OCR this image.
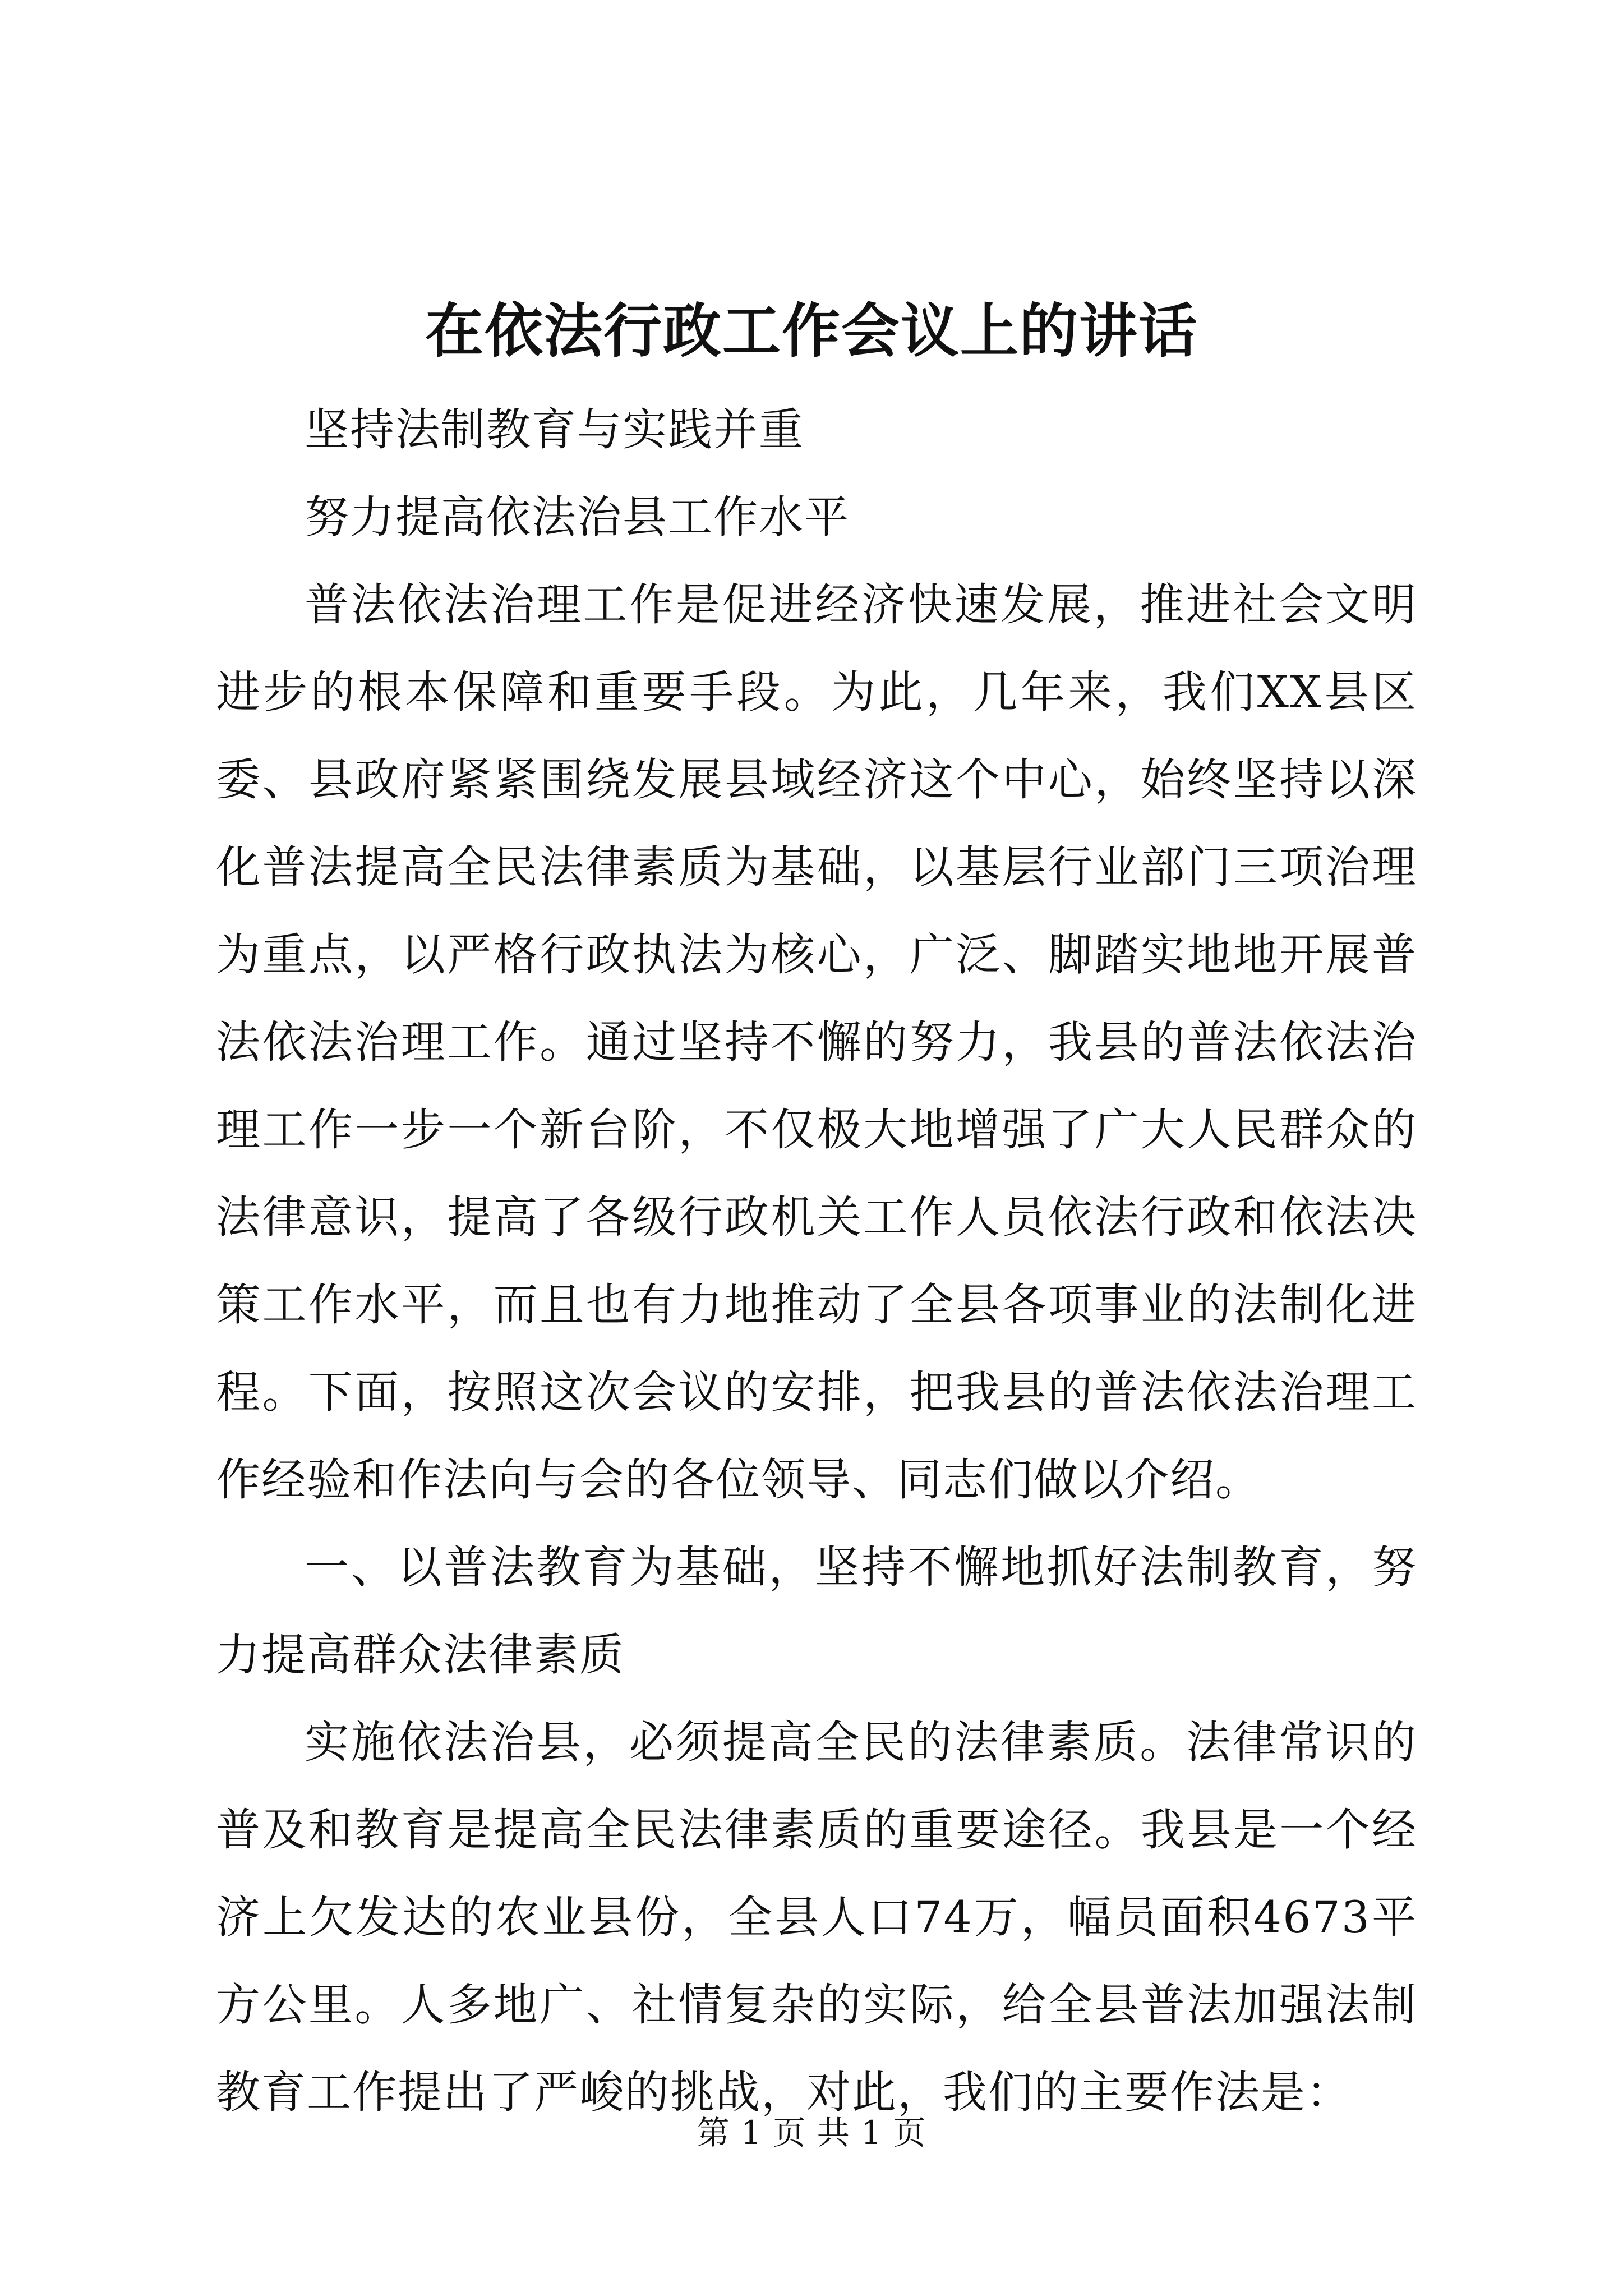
在依法行政工作会议上的讲话

坚持法制教育与实践并重

努力提高依法治县工作水平

普法依法治理工作是促进经济快速发展，推进社会文明进步的根本保障和重要手段。为此，几年来，我们XX县区委、县政府紧紧围绕发展县域经济这个中心，始终坚持以深化普法提高全民法律素质为基础，以基层行业部门三项治理为重点，以严格行政执法为核心，广泛、脚踏实地地开展普法依法治理工作。通过坚持不懈的努力，我县的普法依法治理工作一步一个新台阶，不仅极大地增强了广大人民群众的法律意识，提高了各级行政机关工作人员依法行政和依法决策工作水平，而且也有力地推动了全县各项事业的法制化进程。下面，按照这次会议的安排，把我县的普法依法治理工作经验和作法向与会的各位领导、同志们做以介绍。

一、以普法教育为基础，坚持不懈地抓好法制教育，努力提高群众法律素质

实施依法治县，必须提高全民的法律素质。法律常识的普及和教育是提高全民法律素质的重要途径。我县是一个经济上欠发达的农业县份，全县人口74万，幅员面积4673平方公里。人多地广、社情复杂的实际，给全县普法加强法制教育工作提出了严峻的挑战，对此，我们的主要作法是：

第 1 页 共 1 页
